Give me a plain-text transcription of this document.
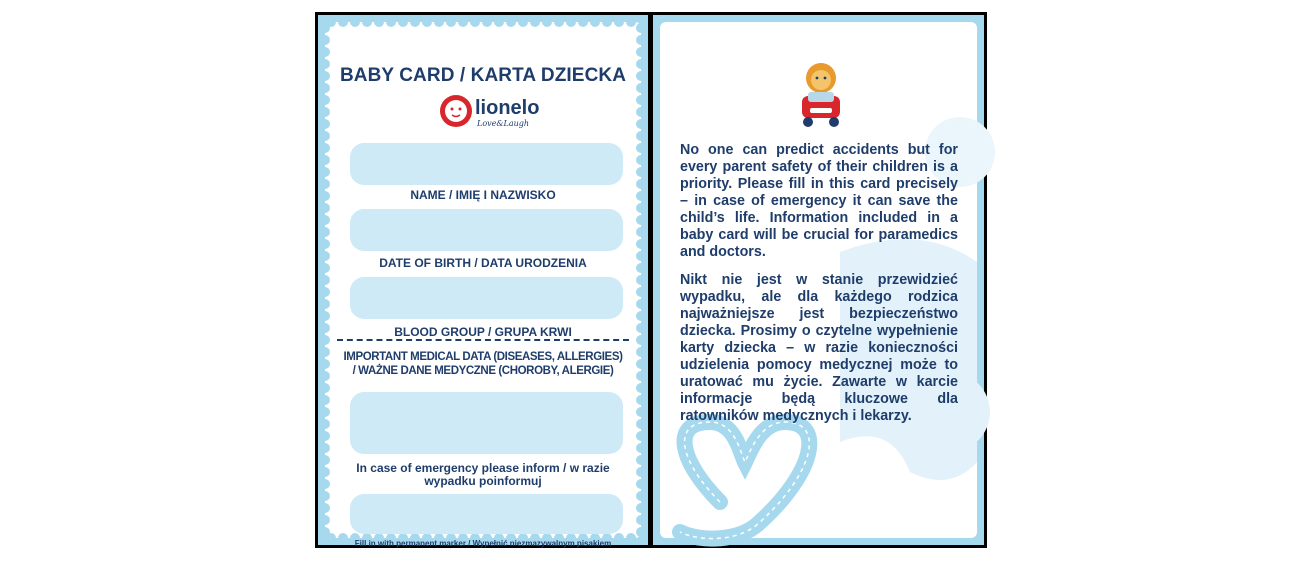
BABY CARD / KARTA DZIECKA
lionelo
Love&Laugh
NAME / IMIĘ I NAZWISKO
DATE OF BIRTH / DATA URODZENIA
BLOOD GROUP / GRUPA KRWI
IMPORTANT MEDICAL DATA (DISEASES, ALLERGIES)
/ WAŻNE DANE MEDYCZNE (CHOROBY, ALERGIE)
In case of emergency please inform / w razie wypadku poinformuj
Fill in with permanent marker / Wypełnić niezmazywalnym pisakiem
No one can predict accidents but for every parent safety of their children is a priority. Please fill in this card precisely – in case of emergency it can save the child’s life. Information included in a baby card will be crucial for paramedics and doctors.
Nikt nie jest w stanie przewidzieć wypadku, ale dla każdego rodzica najważniejsze jest bezpieczeństwo dziecka. Prosimy o czytelne wypełnienie karty dziecka – w razie konieczności udzielenia pomocy medycznej może to uratować mu życie. Zawarte w karcie informacje będą kluczowe dla ratowników medycznych i lekarzy.
